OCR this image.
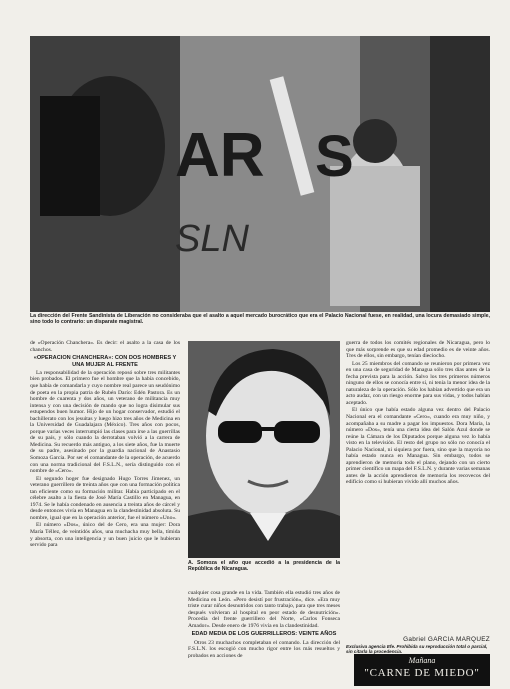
AR S
SLN
La dirección del Frente Sandinista de Liberación no consideraba que el asalto a aquel mercado burocrático que era el Palacio Nacional fuese, en realidad, una locura demasiado simple, sino todo lo contrario: un disparate magistral.

de «Operación Chanchera». Es decir: el asalto a la casa de los chanchos.

«OPERACION CHANCHERA»: CON DOS HOMBRES Y UNA MUJER AL FRENTE

La responsabilidad de la operación reposó sobre tres militantes bien probados. El primero fue el hombre que la había concebido, que había de comandarla y cuyo nombre real parece un seudónimo de poeta en la propia patria de Rubén Darío: Edén Pastora. Es un hombre de cuarenta y dos años, un veterano de militancia muy intensa y con una decisión de mando que no logra disimular sus estupendos buen humor. Hijo de un hogar conservador, estudió el bachillerato con los jesuitas y luego hizo tres años de Medicina en la Universidad de Guadalajara (México). Tres años con pocos, porque varias veces interrumpió las clases para irse a las guerrillas de su país, y sólo cuando la derrotaban volvió a la carrera de Medicina. Su recuerdo más antiguo, a los siete años, fue la muerte de su padre, asesinado por la guardia nacional de Anastasio Somoza García. Por ser el comandante de la operación, de acuerdo con una norma tradicional del F.S.L.N., sería distinguido con el nombre de «Cero».

El segundo hoger fue designado Hugo Torres Jimenez, un veterano guerrillero de treinta años que con una formación política tan eficiente como su formación militar. Había participado en el célebre asalto a la fiesta de José María Castillo en Managua, en 1974. Se le había condenado en ausencia a treinta años de cárcel y desde entonces vivía en Managua en la clandestinidad absoluta. Su nombre, igual que en la operación anterior, fue el número «Uno».

El número «Dos», único del de Cero, era una mujer: Dora María Téllez, de veintidós años, una muchacha muy bella, tímida y absorta, con una inteligencia y un buen juicio que le hubieran servido para

A. Somoza el año que accedió a la presidencia de la República de Nicaragua.

cualquier cosa grande en la vida. También ella estudió tres años de Medicina en León. «Pero desistí por frustración», dice. «Era muy triste curar niños desnutridos con tanto trabajo, para que tres meses después volvieran al hospital en peor estado de desnutrición». Procedía del frente guerrillero del Norte, «Carlos Fonseca Amador». Desde enero de 1976 vivía en la clandestinidad.

EDAD MEDIA DE LOS GUERRILLEROS: VEINTE AÑOS

Otros 23 muchachos completaban el comando. La dirección del F.S.L.N. los escogió con mucho rigor entre los más resueltos y probados en acciones de

guerra de todos los comités regionales de Nicaragua, pero lo que más sorprende es que su edad promedio es de veinte años. Tres de ellos, sin embargo, tenían dieciocho.

Los 25 miembros del comando se reunieron por primera vez en una casa de seguridad de Managua sólo tres días antes de la fecha prevista para la acción. Salvo los tres primeros números ninguno de ellos se conocía entre sí, ni tenía la menor idea de la naturaleza de la operación. Sólo los habían advertido que era un acto audaz, con un riesgo enorme para sus vidas, y todos habían aceptado.

El único que había estado alguna vez dentro del Palacio Nacional era el comandante «Cero», cuando era muy niño, y acompañaba a su madre a pagar los impuestos. Dora María, la número «Dos», tenía una cierta idea del Salón Azul donde se reúne la Cámara de los Diputados porque alguna vez lo había visto en la televisión. El resto del grupo no sólo no conocía el Palacio Nacional, ni siquiera por fuera, sino que la mayoría no había estado nunca en Managua. Sin embargo, todos se aprendieron de memoria todo el plano, dejando con un cierto primer científico un mapa del F.S.L.N. y durante varias semanas antes de la acción aprendieron de memoria los recovecos del edificio como si hubieran vivido allí muchos años.

Gabriel GARCIA MARQUEZ
Exclusiva agencia Efe. Prohibida su reproducción total o parcial, sin citarla la procedencia.
Mañana
"CARNE DE MIEDO"
